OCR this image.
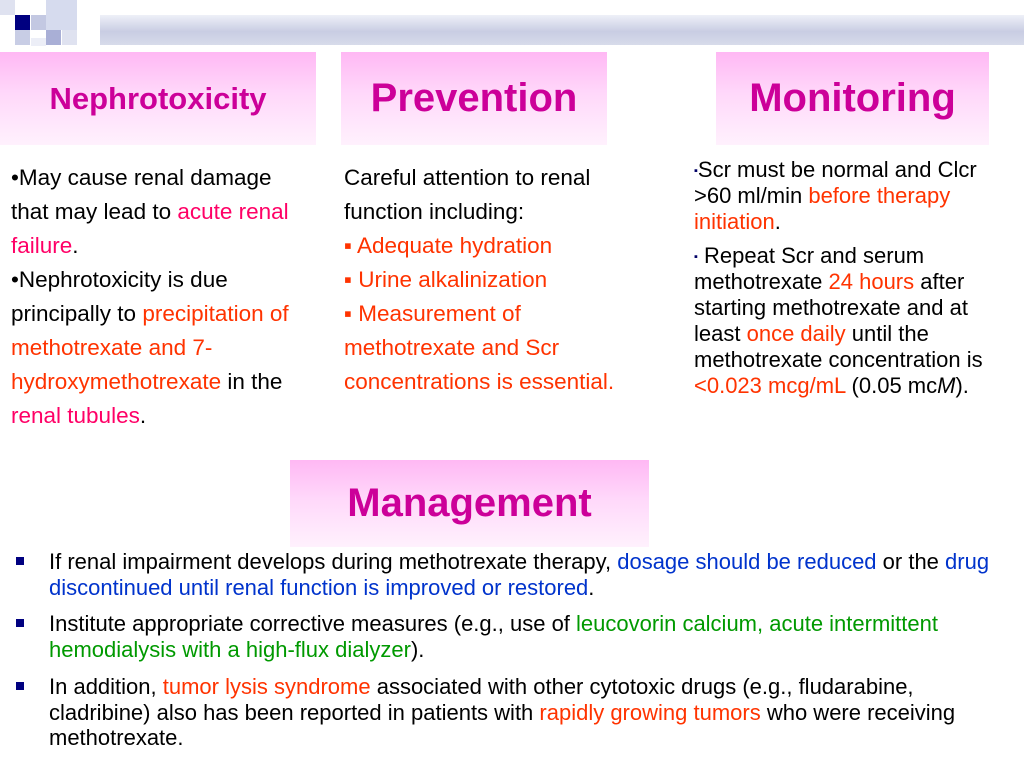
Nephrotoxicity	Prevention	Monitoring

•May cause renal damage that may lead to acute renal failure.

•Nephrotoxicity is due principally to precipitation of methotrexate and 7-hydroxymethotrexate in the renal tubules.

Careful attention to renal function including:

▪ Adequate hydration

▪ Urine alkalinization

▪ Measurement of methotrexate and Scr concentrations is essential.

▪Scr must be normal and Clcr >60 ml/min before therapy initiation.

▪ Repeat Scr and serum methotrexate 24 hours after starting methotrexate and at least once daily until the methotrexate concentration is <0.023 mcg/mL (0.05 mcM).

Management
If renal impairment develops during methotrexate therapy, dosage should be reduced or the drug discontinued until renal function is improved or restored.
Institute appropriate corrective measures (e.g., use of leucovorin calcium, acute intermittent hemodialysis with a high-flux dialyzer).
In addition, tumor lysis syndrome associated with other cytotoxic drugs (e.g., fludarabine, cladribine) also has been reported in patients with rapidly growing tumors who were receiving methotrexate.
